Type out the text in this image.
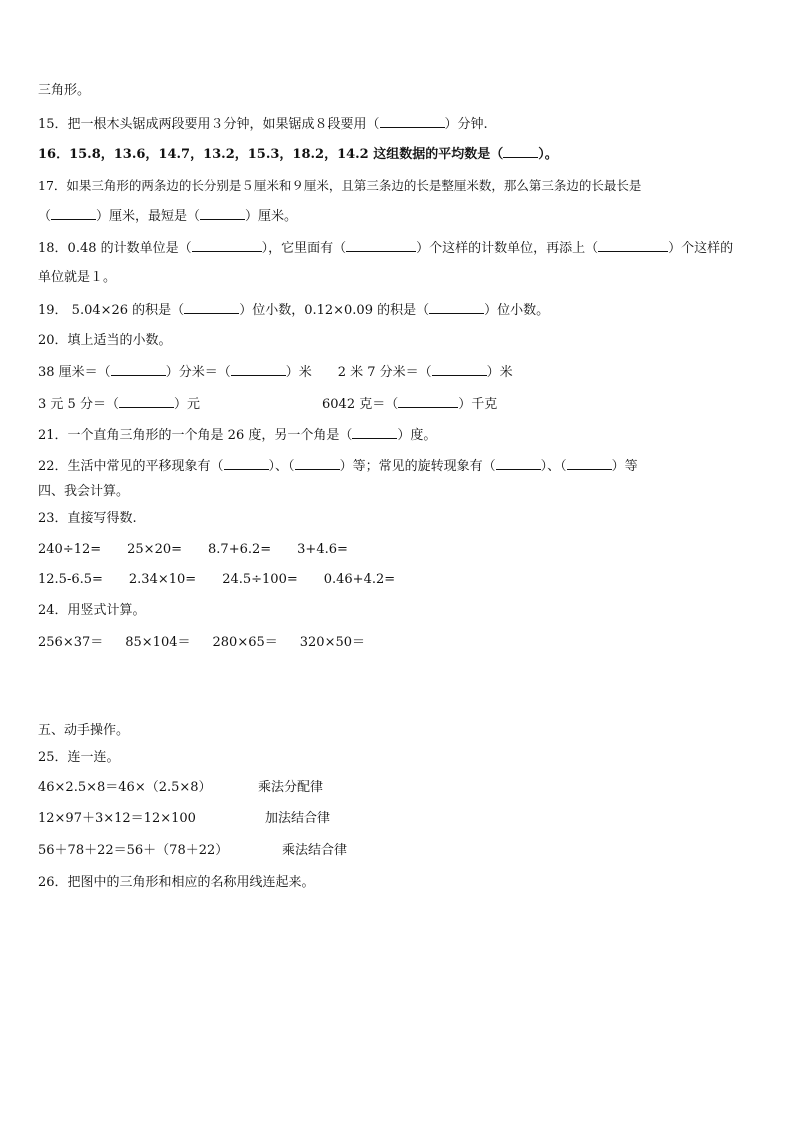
三角形。
15．把一根木头锯成两段要用３分钟，如果锯成８段要用（	）分钟.
16．15.8，13.6，14.7，13.2，15.3，18.2，14.2 这组数据的平均数是（	）。
17．如果三角形的两条边的长分别是５厘米和９厘米，且第三条边的长是整厘米数，那么第三条边的长最长是
（	）厘米，最短是（	）厘米。
18．0.48 的计数单位是（	），它里面有（	）个这样的计数单位，再添上（	）个这样的
单位就是１。
19． 5.04×26 的积是（	）位小数，0.12×0.09 的积是（	）位小数。
20．填上适当的小数。
38 厘米＝（	）分米＝（	）米 2 米 7 分米＝（	）米
3 元 5 分＝（	）元	6042 克＝（	）千克
21．一个直角三角形的一个角是 26 度，另一个角是（	）度。
22．生活中常见的平移现象有（	）、（	）等；常见的旋转现象有（	）、（	）等
四、我会计算。
23．直接写得数.
240÷12= 25×20= 8.7+6.2= 3+4.6=
12.5-6.5= 2.34×10= 24.5÷100= 0.46+4.2=
24．用竖式计算。
256×37＝ 85×104＝ 280×65＝ 320×50＝
五、动手操作。
25．连一连。
46×2.5×8＝46×（2.5×8）	乘法分配律
12×97＋3×12＝12×100	加法结合律
56＋78＋22＝56＋（78＋22）	乘法结合律
26．把图中的三角形和相应的名称用线连起来。
